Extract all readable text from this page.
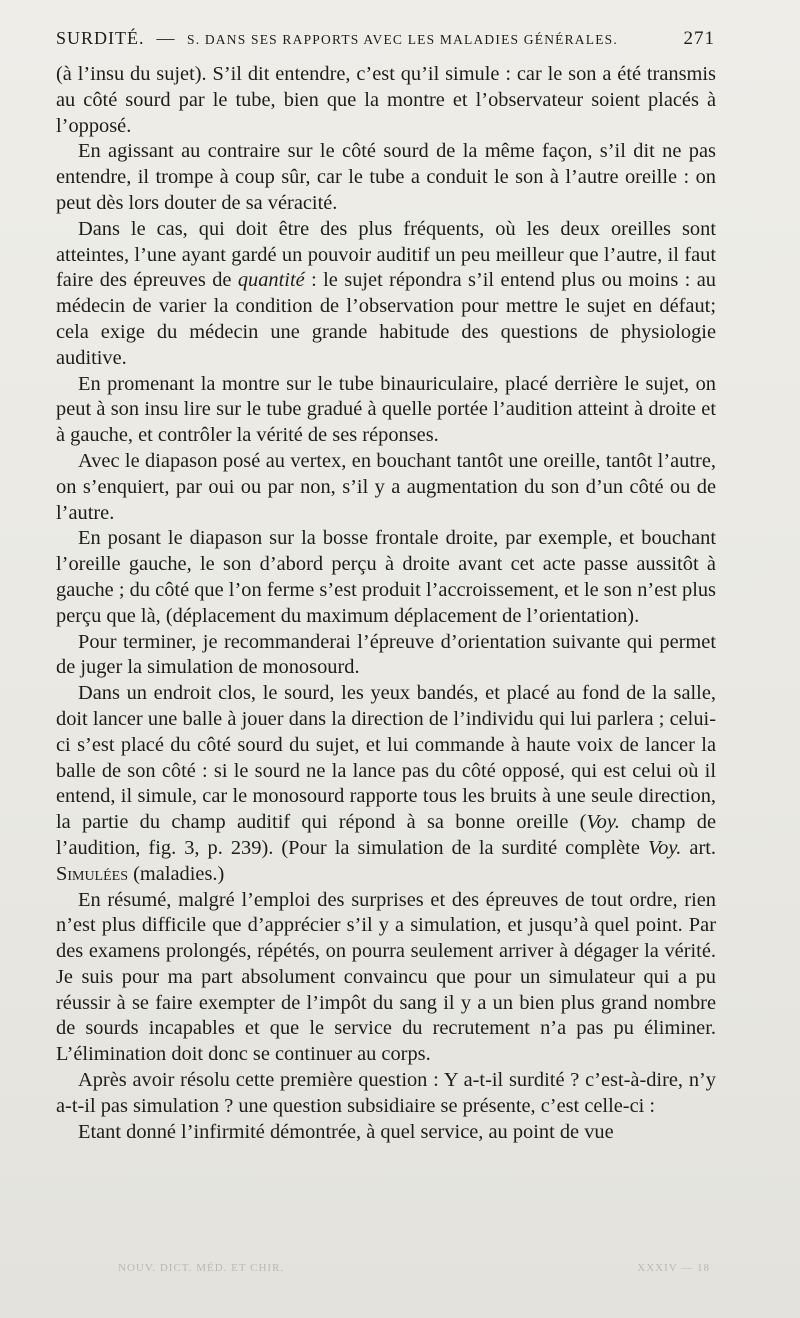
SURDITÉ. — S. DANS SES RAPPORTS AVEC LES MALADIES GÉNÉRALES.	271

(à l’insu du sujet). S’il dit entendre, c’est qu’il simule : car le son a été transmis au côté sourd par le tube, bien que la montre et l’observateur soient placés à l’opposé.

En agissant au contraire sur le côté sourd de la même façon, s’il dit ne pas entendre, il trompe à coup sûr, car le tube a conduit le son à l’autre oreille : on peut dès lors douter de sa véracité.

Dans le cas, qui doit être des plus fréquents, où les deux oreilles sont atteintes, l’une ayant gardé un pouvoir auditif un peu meilleur que l’autre, il faut faire des épreuves de quantité : le sujet répondra s’il entend plus ou moins : au médecin de varier la condition de l’observation pour mettre le sujet en défaut; cela exige du médecin une grande habitude des questions de physiologie auditive.

En promenant la montre sur le tube binauriculaire, placé derrière le sujet, on peut à son insu lire sur le tube gradué à quelle portée l’audition atteint à droite et à gauche, et contrôler la vérité de ses réponses.

Avec le diapason posé au vertex, en bouchant tantôt une oreille, tantôt l’autre, on s’enquiert, par oui ou par non, s’il y a augmentation du son d’un côté ou de l’autre.

En posant le diapason sur la bosse frontale droite, par exemple, et bouchant l’oreille gauche, le son d’abord perçu à droite avant cet acte passe aussitôt à gauche ; du côté que l’on ferme s’est produit l’accroissement, et le son n’est plus perçu que là, (déplacement du maximum déplacement de l’orientation).

Pour terminer, je recommanderai l’épreuve d’orientation suivante qui permet de juger la simulation de monosourd.

Dans un endroit clos, le sourd, les yeux bandés, et placé au fond de la salle, doit lancer une balle à jouer dans la direction de l’individu qui lui parlera ; celui-ci s’est placé du côté sourd du sujet, et lui commande à haute voix de lancer la balle de son côté : si le sourd ne la lance pas du côté opposé, qui est celui où il entend, il simule, car le monosourd rapporte tous les bruits à une seule direction, la partie du champ auditif qui répond à sa bonne oreille (Voy. champ de l’audition, fig. 3, p. 239). (Pour la simulation de la surdité complète Voy. art. Simulées (maladies.)

En résumé, malgré l’emploi des surprises et des épreuves de tout ordre, rien n’est plus difficile que d’apprécier s’il y a simulation, et jusqu’à quel point. Par des examens prolongés, répétés, on pourra seulement arriver à dégager la vérité. Je suis pour ma part absolument convaincu que pour un simulateur qui a pu réussir à se faire exempter de l’impôt du sang il y a un bien plus grand nombre de sourds incapables et que le service du recrutement n’a pas pu éliminer. L’élimination doit donc se continuer au corps.

Après avoir résolu cette première question : Y a-t-il surdité ? c’est-à-dire, n’y a-t-il pas simulation ? une question subsidiaire se présente, c’est celle-ci :

Etant donné l’infirmité démontrée, à quel service, au point de vue

NOUV. DICT. MÉD. ET CHIR.	XXXIV — 18
